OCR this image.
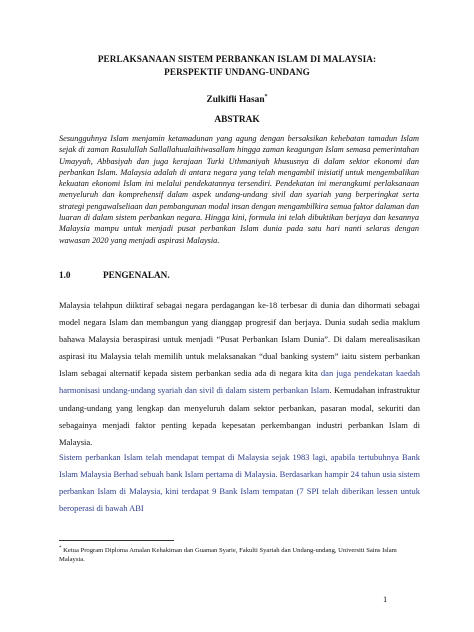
PERLAKSANAAN SISTEM PERBANKAN ISLAM DI MALAYSIA:
PERSPEKTIF UNDANG-UNDANG
Zulkifli Hasan*
ABSTRAK

Sesungguhnya Islam menjamin ketamadunan yang agung dengan bersaksikan kehebatan tamadun Islam sejak di zaman Rasulullah Sallallahualaihiwasallam hingga zaman keagungan Islam semasa pemerintahan Umayyah, Abbasiyah dan juga kerajaan Turki Uthmaniyah khususnya di dalam sektor ekonomi dan perbankan Islam. Malaysia adalah di antara negara yang telah mengambil inisiatif untuk mengembalikan kekuatan ekonomi Islam ini melalui pendekatannya tersendiri. Pendekatan ini merangkumi perlaksanaan menyeluruh dan komprehensif dalam aspek undang-undang sivil dan syariah yang berperingkat serta strategi pengawalseliaan dan pembangunan modal insan dengan mengambilkira semua faktor dalaman dan luaran di dalam sistem perbankan negara. Hingga kini, formula ini telah dibuktikan berjaya dan kesannya Malaysia mampu untuk menjadi pusat perbankan Islam dunia pada satu hari nanti selaras dengan wawasan 2020 yang menjadi aspirasi Malaysia.

1.0	PENGENALAN.

Malaysia telahpun diiktiraf sebagai negara perdagangan ke-18 terbesar di dunia dan dihormati sebagai model negara Islam dan membangun yang dianggap progresif dan berjaya. Dunia sudah sedia maklum bahawa Malaysia beraspirasi untuk menjadi “Pusat Perbankan Islam Dunia”. Di dalam merealisasikan aspirasi itu Malaysia telah memilih untuk melaksanakan “dual banking system” iaitu sistem perbankan Islam sebagai alternatif kepada sistem perbankan sedia ada di negara kita dan juga pendekatan kaedah harmonisasi undang-undang syariah dan sivil di dalam sistem perbankan Islam. Kemudahan infrastruktur undang-undang yang lengkap dan menyeluruh dalam sektor perbankan, pasaran modal, sekuriti dan sebagainya menjadi faktor penting kepada kepesatan perkembangan industri perbankan Islam di Malaysia.

Sistem perbankan Islam telah mendapat tempat di Malaysia sejak 1983 lagi, apabila tertubuhnya Bank Islam Malaysia Berhad sebuah bank Islam pertama di Malaysia. Berdasarkan hampir 24 tahun usia sistem perbankan Islam di Malaysia, kini terdapat 9 Bank Islam tempatan (7 SPI telah diberikan lessen untuk beroperasi di bawah ABI

* Ketua Program Diploma Amalan Kehakiman dan Guaman Syarie, Fakulti Syariah dan Undang-undang, Universiti Sains Islam Malaysia.

1
